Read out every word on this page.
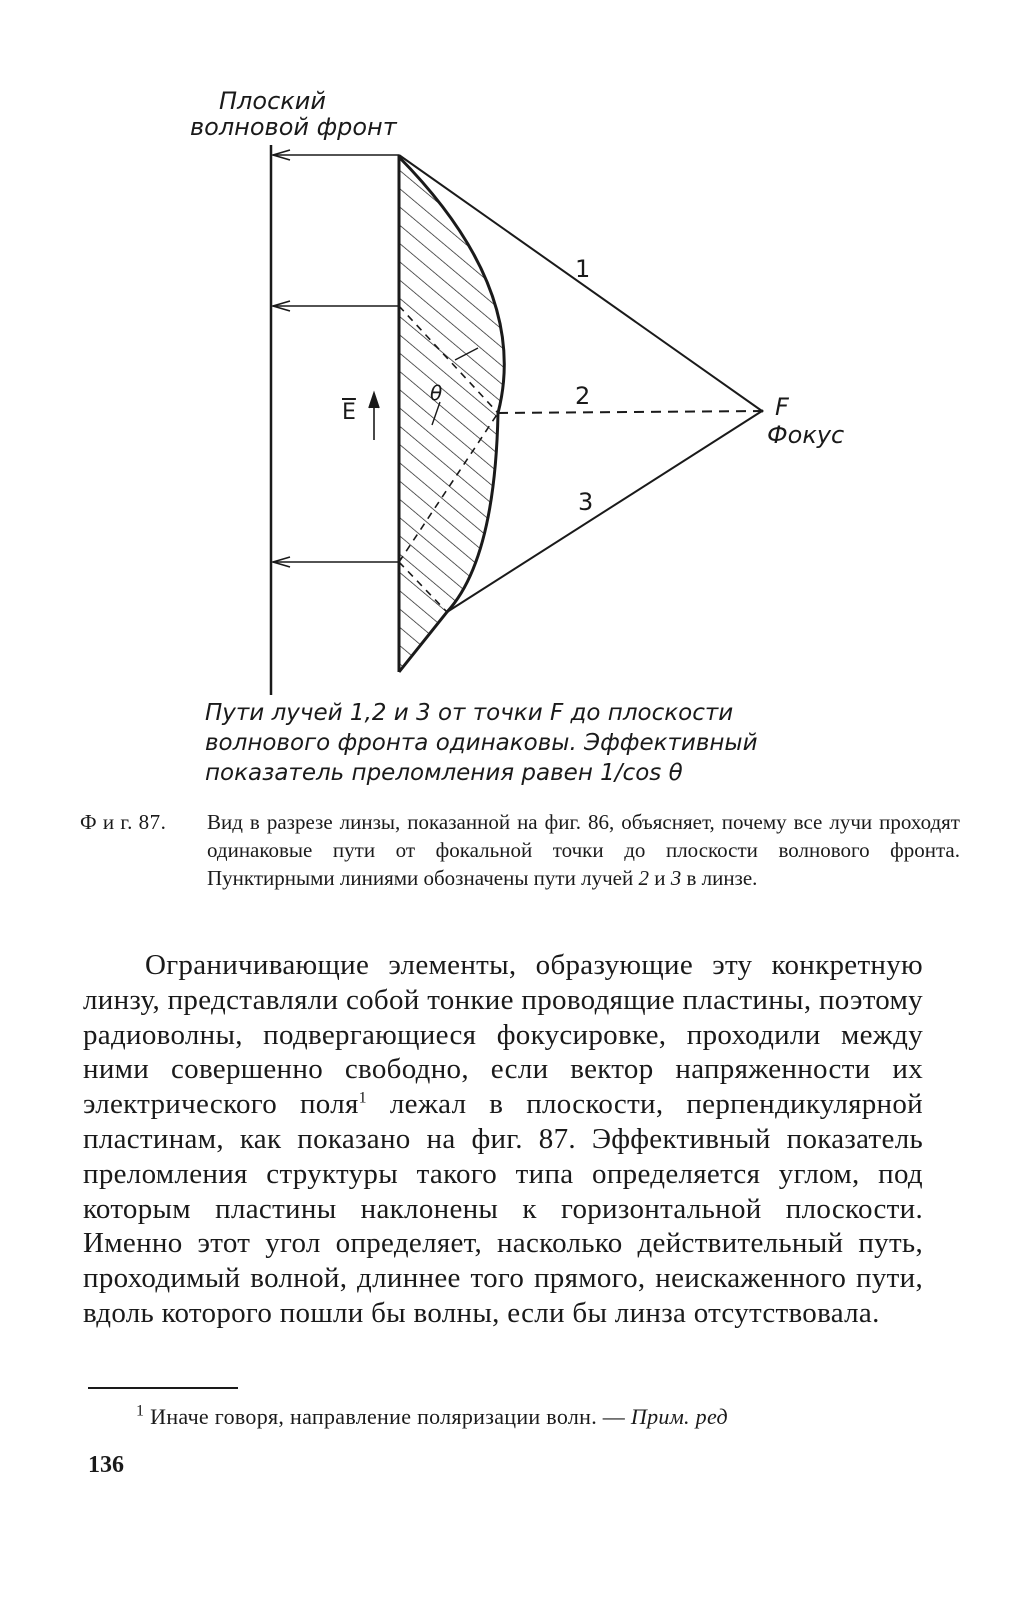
Плоский
волновой фронт
1
2
3
F
Фокус
θ
$\overline{E}$
Пути лучей 1,2 и 3 от точки F до плоскости
волнового фронта одинаковы. Эффективный
показатель преломления равен 1/cos θ
Ф и г. 87. Вид в разрезе линзы, показанной на фиг. 86, объясняет, почему все лучи проходят одинаковые пути от фокальной точки до плоскости волнового фронта. Пунктирными линиями обозначены пути лучей 2 и 3 в линзе.

Ограничивающие элементы, образующие эту конкретную линзу, представляли собой тонкие проводящие пластины, поэтому радиоволны, подвергающиеся фокусировке, проходили между ними совершенно свободно, если вектор напряженности их электрического поля$^1$ лежал в плоскости, перпендикулярной пластинам, как показано на фиг. 87. Эффективный показатель преломления структуры такого типа определяется углом, под которым пластины наклонены к горизонтальной плоскости. Именно этот угол определяет, насколько действительный путь, проходимый волной, длиннее того прямого, неискаженного пути, вдоль которого пошли бы волны, если бы линза отсутствовала.

$^1$ Иначе говоря, направление поляризации волн. — Прим. ред
136
